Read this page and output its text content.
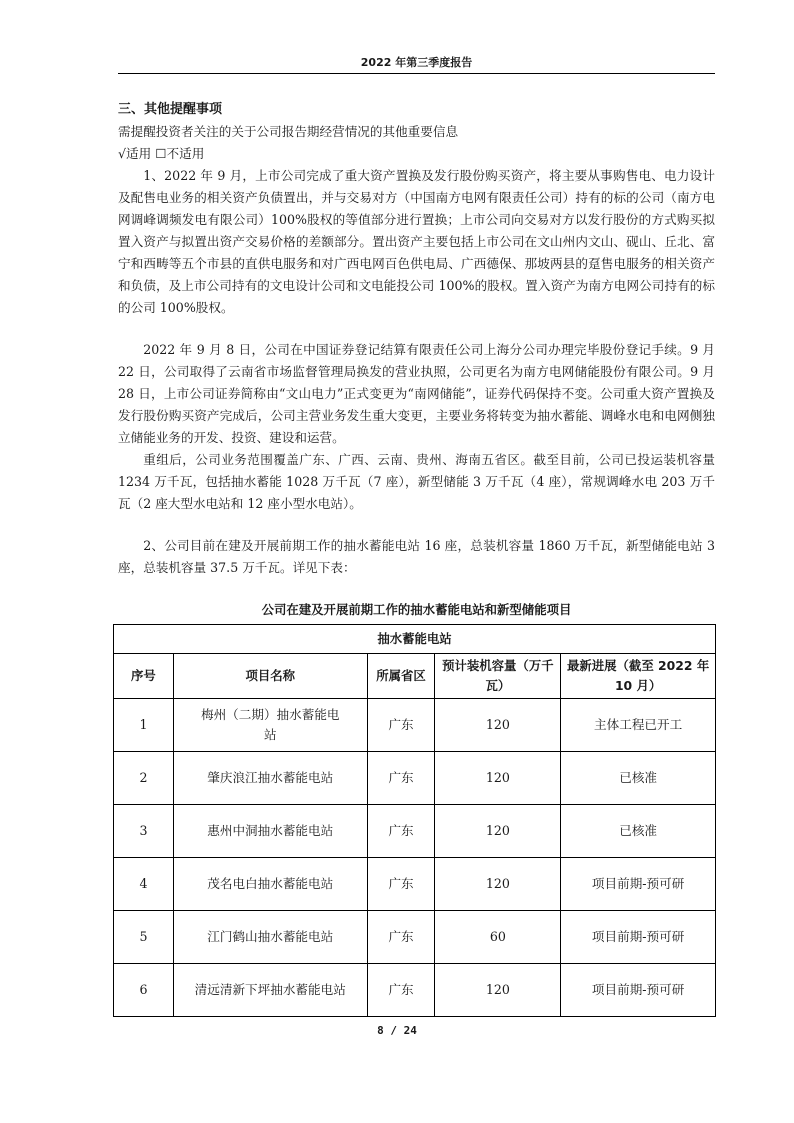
2022 年第三季度报告

三、其他提醒事项

需提醒投资者关注的关于公司报告期经营情况的其他重要信息

√适用 ☐不适用

1、2022 年 9 月，上市公司完成了重大资产置换及发行股份购买资产，将主要从事购售电、电力设计及配售电业务的相关资产负债置出，并与交易对方（中国南方电网有限责任公司）持有的标的公司（南方电网调峰调频发电有限公司）100%股权的等值部分进行置换；上市公司向交易对方以发行股份的方式购买拟置入资产与拟置出资产交易价格的差额部分。置出资产主要包括上市公司在文山州内文山、砚山、丘北、富宁和西畴等五个市县的直供电服务和对广西电网百色供电局、广西德保、那坡两县的趸售电服务的相关资产和负债，及上市公司持有的文电设计公司和文电能投公司 100%的股权。置入资产为南方电网公司持有的标的公司 100%股权。

2022 年 9 月 8 日，公司在中国证券登记结算有限责任公司上海分公司办理完毕股份登记手续。9 月 22 日，公司取得了云南省市场监督管理局换发的营业执照，公司更名为南方电网储能股份有限公司。9 月 28 日，上市公司证券简称由“文山电力”正式变更为“南网储能”，证券代码保持不变。公司重大资产置换及发行股份购买资产完成后，公司主营业务发生重大变更，主要业务将转变为抽水蓄能、调峰水电和电网侧独立储能业务的开发、投资、建设和运营。

重组后，公司业务范围覆盖广东、广西、云南、贵州、海南五省区。截至目前，公司已投运装机容量 1234 万千瓦，包括抽水蓄能 1028 万千瓦（7 座），新型储能 3 万千瓦（4 座），常规调峰水电 203 万千瓦（2 座大型水电站和 12 座小型水电站）。

2、公司目前在建及开展前期工作的抽水蓄能电站 16 座，总装机容量 1860 万千瓦，新型储能电站 3 座，总装机容量 37.5 万千瓦。详见下表：

公司在建及开展前期工作的抽水蓄能电站和新型储能项目
抽水蓄能电站				
序号	项目名称	所属省区	预计装机容量（万千瓦）	最新进展（截至 2022 年 10 月）
1	梅州（二期）抽水蓄能电站	广东	120	主体工程已开工
2	肇庆浪江抽水蓄能电站	广东	120	已核准
3	惠州中洞抽水蓄能电站	广东	120	已核准
4	茂名电白抽水蓄能电站	广东	120	项目前期-预可研
5	江门鹤山抽水蓄能电站	广东	60	项目前期-预可研
6	清远清新下坪抽水蓄能电站	广东	120	项目前期-预可研
8 / 24
